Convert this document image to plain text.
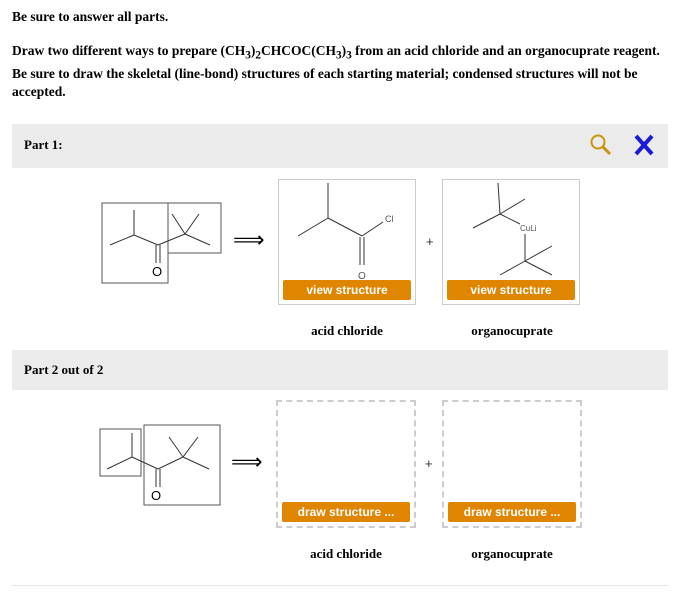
Be sure to answer all parts.
Draw two different ways to prepare $(CH_3)_2CHCOC(CH_3)_3$ from an acid chloride and an organocuprate reagent. Be sure to draw the skeletal (line-bond) structures of each starting material; condensed structures will not be accepted.
Part 1:
⟹
view structure
+
view structure
acid chloride	organocuprate
Part 2 out of 2
⟹
draw structure ...
+
draw structure ...
acid chloride	organocuprate
O
Cl
O
CuLi
O
